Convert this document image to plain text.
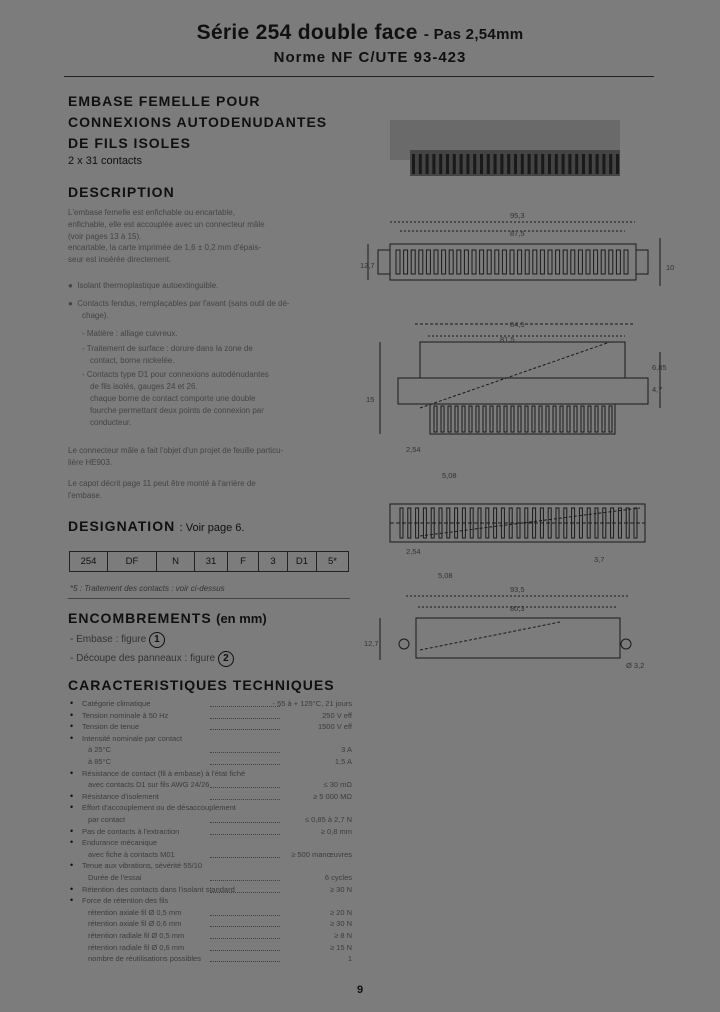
Série 254 double face - Pas 2,54mm
Norme NF C/UTE 93-423
EMBASE FEMELLE POUR
CONNEXIONS AUTODENUDANTES
DE FILS ISOLES
2 x 31 contacts
DESCRIPTION
L'embase femelle est enfichable ou encartable,
enfichable, elle est accouplée avec un connecteur mâle
(voir pages 13 à 15).
encartable, la carte imprimée de 1,6 ± 0,2 mm d'épais-
seur est insérée directement.
●  Isolant thermoplastique autoextinguible.
●  Contacts fendus, remplaçables par l'avant (sans outil de dé-
chage).
- Matière : alliage cuivreux.
- Traitement de surface : dorure dans la zone de
contact, borne nickelée.
- Contacts type D1 pour connexions autodénudantes
de fils isolés, gauges 24 et 26.
chaque borne de contact comporte une double
fourche permettant deux points de connexion par
conducteur.
Le connecteur mâle a fait l'objet d'un projet de feuille particu-
lière HE903.
Le capot décrit page 11 peut être monté à l'arrière de
l'embase.
DESIGNATION : Voir page 6.
254	DF	N	31	F	3	D1	5*
*5 : Traitement des contacts : voir ci-dessus
ENCOMBREMENTS (en mm)
- Embase : figure 1
- Découpe des panneaux : figure 2
CARACTERISTIQUES TECHNIQUES
• Catégorie climatique	- 55 à + 125°C, 21 jours
• Tension nominale à 50 Hz	250 V eff
• Tension de tenue	1500 V eff
• Intensité nominale par contact
à 25°C	3 A
à 85°C	1,5 A
• Résistance de contact (fil à embase) à l'état fiché
avec contacts D1 sur fils AWG 24/26	≤ 30 mΩ
• Résistance d'isolement	≥ 5 000 MΩ
• Effort d'accouplement ou de désaccouplement
par contact	≤ 0,85 à 2,7 N
• Pas de contacts à l'extraction	≥ 0,8 mm
• Endurance mécanique
avec fiche à contacts M01	≥ 500 manœuvres
• Tenue aux vibrations, sévérité 55/10
Durée de l'essai	6 cycles
• Rétention des contacts dans l'isolant standard	≥ 30 N
• Force de rétention des fils
rétention axiale fil Ø 0,5 mm	≥ 20 N
rétention axiale fil Ø 0,6 mm	≥ 30 N
rétention radiale fil Ø 0,5 mm	≥ 8 N
rétention radiale fil Ø 0,6 mm	≥ 15 N
nombre de réutilisations possibles	1
95,3
87,5
10
12,7
84,5
81,5
6,85
4,7
15
2,54
5,08
2,54
5,08
3,7
93,5
80,3
12,7
Ø 3,2
9
